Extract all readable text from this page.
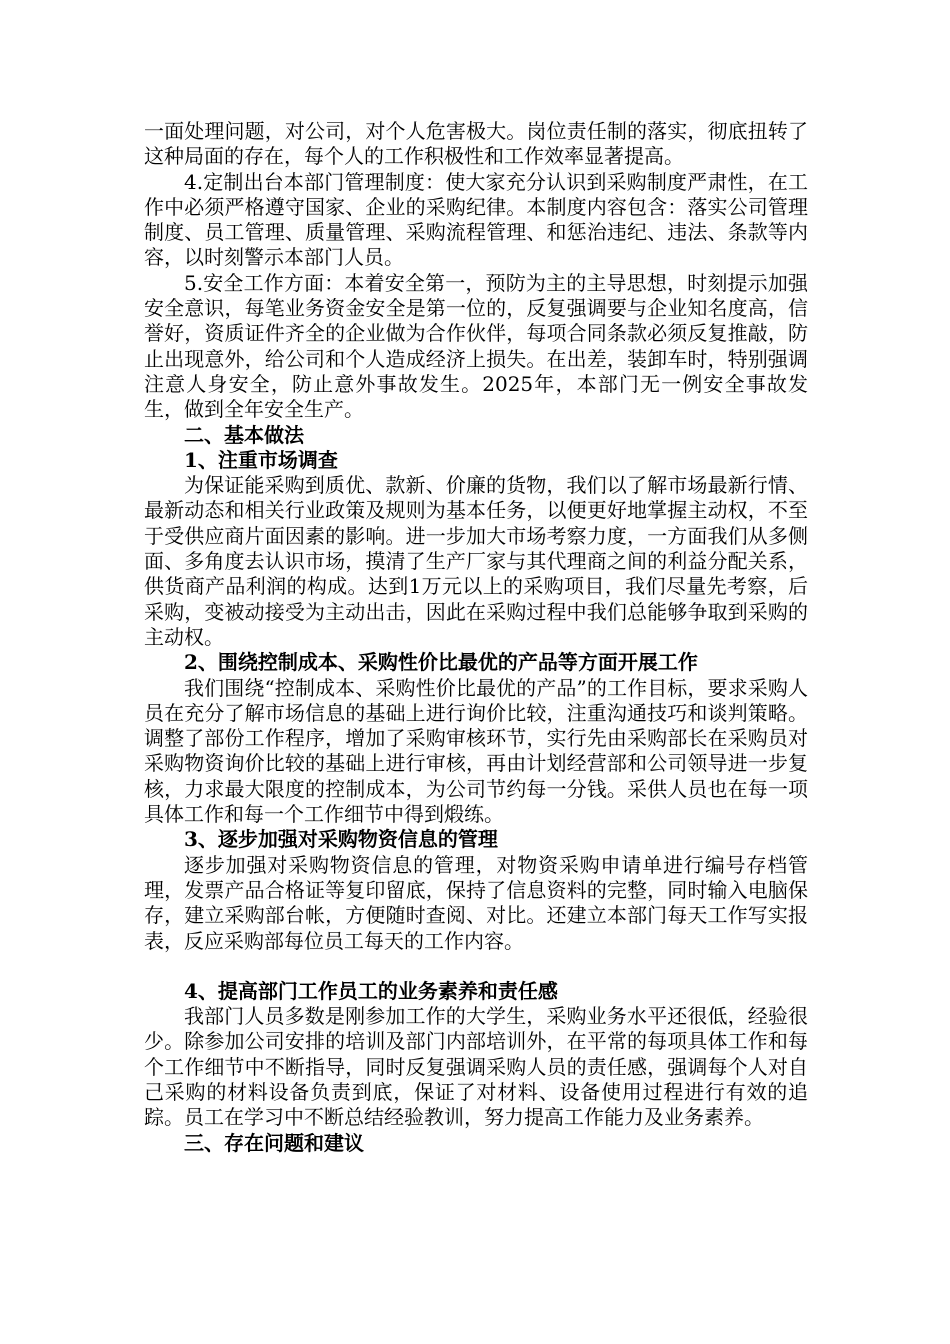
一面处理问题，对公司，对个人危害极大。岗位责任制的落实，彻底扭转了这种局面的存在，每个人的工作积极性和工作效率显著提高。

4.定制出台本部门管理制度：使大家充分认识到采购制度严肃性，在工作中必须严格遵守国家、企业的采购纪律。本制度内容包含：落实公司管理制度、员工管理、质量管理、采购流程管理、和惩治违纪、违法、条款等内容，以时刻警示本部门人员。

5.安全工作方面：本着安全第一，预防为主的主导思想，时刻提示加强安全意识，每笔业务资金安全是第一位的，反复强调要与企业知名度高，信誉好，资质证件齐全的企业做为合作伙伴，每项合同条款必须反复推敲，防止出现意外，给公司和个人造成经济上损失。在出差，装卸车时，特别强调注意人身安全，防止意外事故发生。2025年，本部门无一例安全事故发生，做到全年安全生产。

二、基本做法

1、注重市场调查

为保证能采购到质优、款新、价廉的货物，我们以了解市场最新行情、最新动态和相关行业政策及规则为基本任务，以便更好地掌握主动权，不至于受供应商片面因素的影响。进一步加大市场考察力度，一方面我们从多侧面、多角度去认识市场，摸清了生产厂家与其代理商之间的利益分配关系，供货商产品利润的构成。达到1万元以上的采购项目，我们尽量先考察，后采购，变被动接受为主动出击，因此在采购过程中我们总能够争取到采购的主动权。

2、围绕控制成本、采购性价比最优的产品等方面开展工作

我们围绕“控制成本、采购性价比最优的产品”的工作目标，要求采购人员在充分了解市场信息的基础上进行询价比较，注重沟通技巧和谈判策略。调整了部份工作程序，增加了采购审核环节，实行先由采购部长在采购员对采购物资询价比较的基础上进行审核，再由计划经营部和公司领导进一步复核，力求最大限度的控制成本，为公司节约每一分钱。采供人员也在每一项具体工作和每一个工作细节中得到煅练。

3、逐步加强对采购物资信息的管理

逐步加强对采购物资信息的管理，对物资采购申请单进行编号存档管理，发票产品合格证等复印留底，保持了信息资料的完整，同时输入电脑保存，建立采购部台帐，方便随时查阅、对比。还建立本部门每天工作写实报表，反应采购部每位员工每天的工作内容。

4、提高部门工作员工的业务素养和责任感

我部门人员多数是刚参加工作的大学生，采购业务水平还很低，经验很少。除参加公司安排的培训及部门内部培训外，在平常的每项具体工作和每个工作细节中不断指导，同时反复强调采购人员的责任感，强调每个人对自己采购的材料设备负责到底，保证了对材料、设备使用过程进行有效的追踪。员工在学习中不断总结经验教训，努力提高工作能力及业务素养。

三、存在问题和建议
